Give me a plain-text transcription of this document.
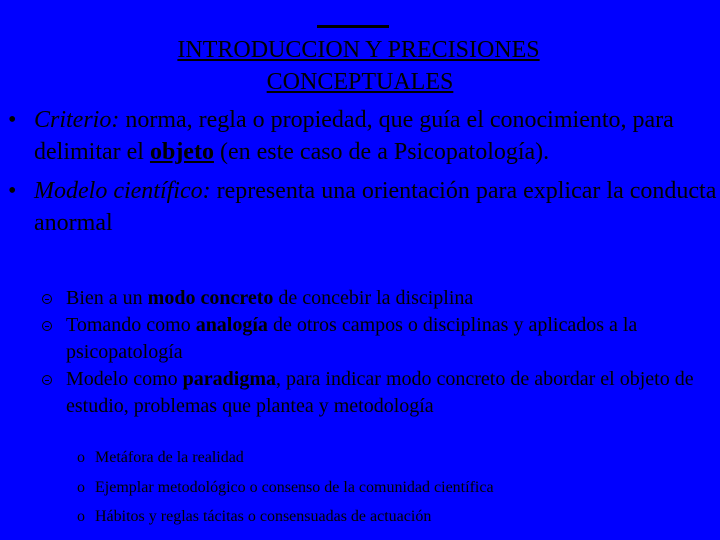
INTRODUCCION Y PRECISIONES
CONCEPTUALES
• Criterio: norma, regla o propiedad, que guía el conocimiento, para delimitar el objeto (en este caso de a Psicopatología).
• Modelo científico: representa una orientación para explicar la conducta anormal
Bien a un modo concreto de concebir la disciplina
Tomando como analogía de otros campos o disciplinas y aplicados a la psicopatología
Modelo como paradigma, para indicar modo concreto de abordar el objeto de estudio, problemas que plantea y metodología
o Metáfora de la realidad
o Ejemplar metodológico o consenso de la comunidad científica
o Hábitos y reglas tácitas o consensuadas de actuación
